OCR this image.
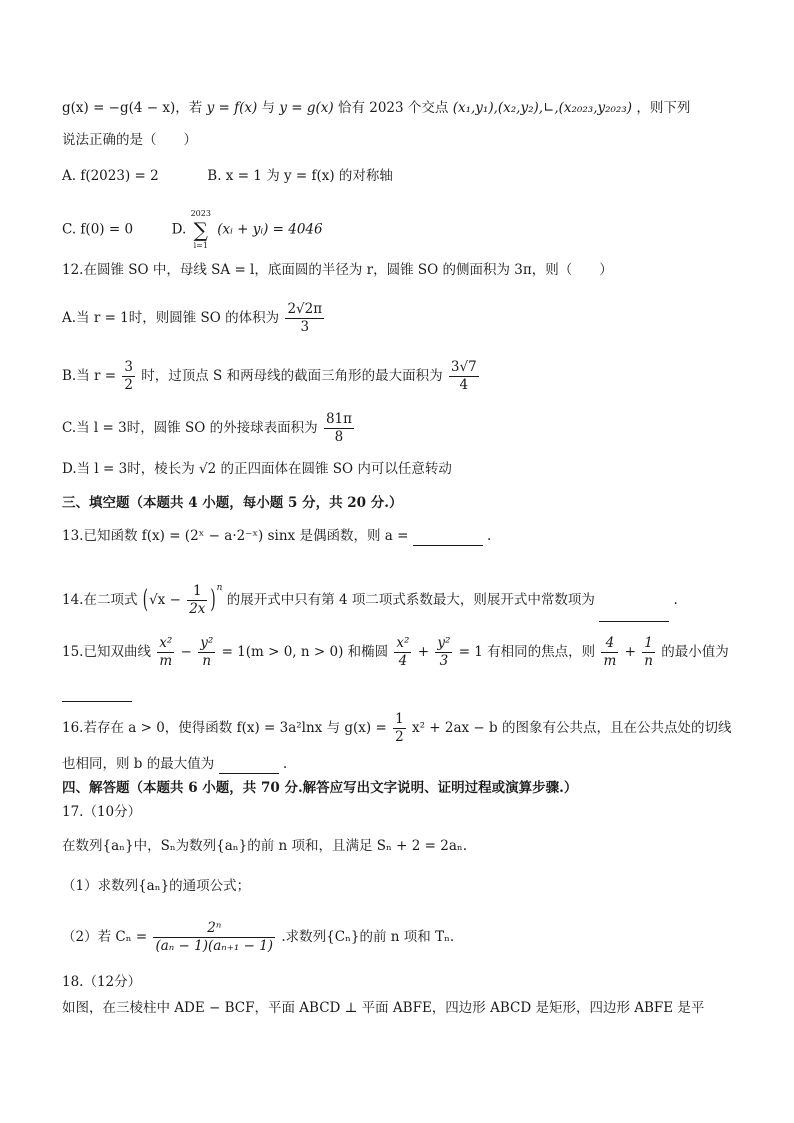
g(x) = −g(4 − x)，若 y = f(x) 与 y = g(x) 恰有 2023 个交点 (x₁,y₁),(x₂,y₂),∟,(x₂₀₂₃,y₂₀₂₃) ，则下列
说法正确的是（　　）
A. f(2023) = 2	B. x = 1 为 y = f(x) 的对称轴
C. f(0) = 0	D.
2023
∑
i=1
(xᵢ + yᵢ) = 4046
12.在圆锥 SO 中，母线 SA = l，底面圆的半径为 r，圆锥 SO 的侧面积为 3π，则（　　）
A.当 r = 1时，则圆锥 SO 的体积为 $\frac{2√2\pi}{3}$
B.当 $r = \frac{3}{2}$ 时，过顶点 S 和两母线的截面三角形的最大面积为 $\frac{3√7}{4}$
C.当 l = 3时，圆锥 SO 的外接球表面积为 $\frac{81\pi}{8}$
D.当 l = 3时，棱长为 √2 的正四面体在圆锥 SO 内可以任意转动
三、填空题（本题共 4 小题，每小题 5 分，共 20 分.）
13.已知函数 f(x) = (2ˣ − a·2⁻ˣ) sinx 是偶函数，则 a =	.
14.在二项式 $(√x - \frac{1}{2x} )^n$ 的展开式中只有第 4 项二项式系数最大，则展开式中常数项为	.
15.已知双曲线 $\frac{\text{x²}}{m} - \frac{\text{y²}}{n} = 1(m > 0$, n > 0) 和椭圆 $\frac{\text{x²}}{4} + \frac{\text{y²}}{3} = 1$ 有相同的焦点，则 $\frac{4}{m} + \frac{1}{n}$ 的最小值为
16.若存在 a > 0，使得函数 f(x) = 3a²lnx 与 $g(x) = \frac{1}{2} x^2 + 2ax - b$ 的图象有公共点，且在公共点处的切线
也相同，则 b 的最大值为	.
四、解答题（本题共 6 小题，共 70 分.解答应写出文字说明、证明过程或演算步骤.）
17.（10分）
在数列{aₙ}中，Sₙ为数列{aₙ}的前 n 项和，且满足 Sₙ + 2 = 2aₙ.
（1）求数列{aₙ}的通项公式；
（2）若 $C_n = \frac{\text{2ⁿ}}{\text{(aₙ − 1)(aₙ₊₁ − 1)}}$ .求数列{Cₙ}的前 n 项和 Tₙ.
18.（12分）
如图，在三棱柱中 ADE − BCF，平面 ABCD ⊥ 平面 ABFE，四边形 ABCD 是矩形，四边形 ABFE 是平
